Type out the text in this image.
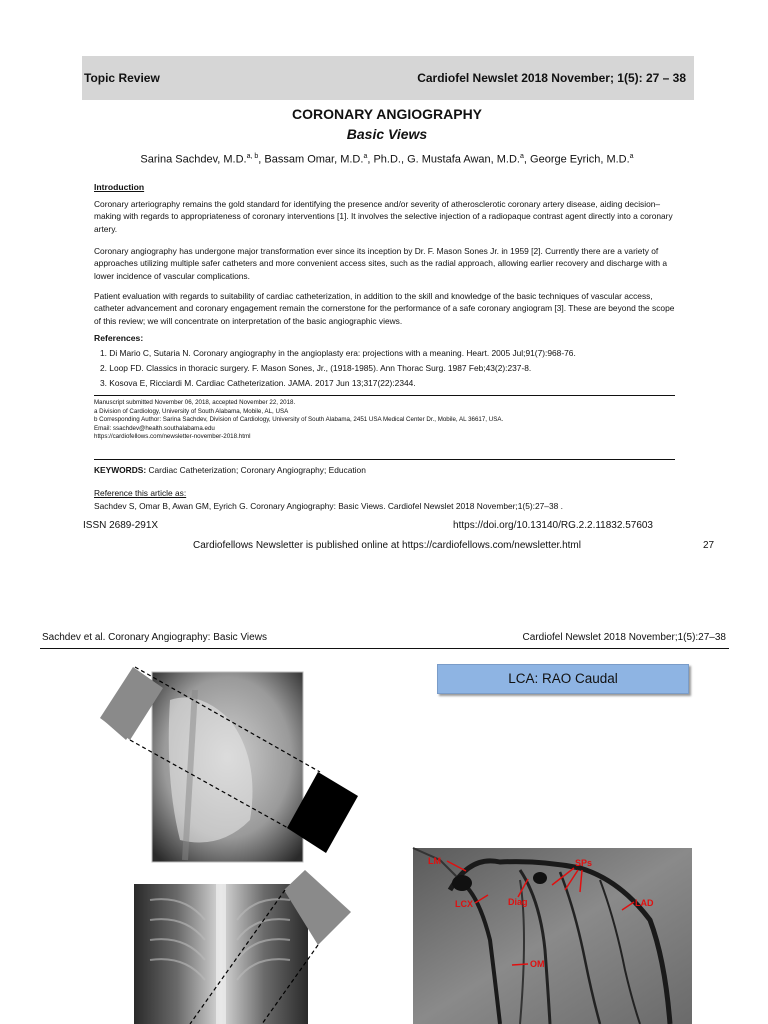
Topic Review	Cardiofel Newslet 2018 November; 1(5): 27 – 38
CORONARY ANGIOGRAPHY
Basic Views
Sarina Sachdev, M.D.$^{a, b}$, Bassam Omar, M.D.$^a$, Ph.D., G. Mustafa Awan, M.D.$^a$, George Eyrich, M.D.$^a$
Introduction
Coronary arteriography remains the gold standard for identifying the presence and/or severity of atherosclerotic coronary artery disease, aiding decision–making with regards to appropriateness of coronary interventions [1]. It involves the selective injection of a radiopaque contrast agent directly into a coronary artery.
Coronary angiography has undergone major transformation ever since its inception by Dr. F. Mason Sones Jr. in 1959 [2]. Currently there are a variety of approaches utilizing multiple safer catheters and more convenient access sites, such as the radial approach, allowing earlier recovery and discharge with a lower incidence of vascular complications.
Patient evaluation with regards to suitability of cardiac catheterization, in addition to the skill and knowledge of the basic techniques of vascular access, catheter advancement and coronary engagement remain the cornerstone for the performance of a safe coronary angiogram [3]. These are beyond the scope of this review; we will concentrate on interpretation of the basic angiographic views.
References:
1. Di Mario C, Sutaria N. Coronary angiography in the angioplasty era: projections with a meaning. Heart. 2005 Jul;91(7):968-76.
2. Loop FD. Classics in thoracic surgery. F. Mason Sones, Jr., (1918-1985). Ann Thorac Surg. 1987 Feb;43(2):237-8.
3. Kosova E, Ricciardi M. Cardiac Catheterization. JAMA. 2017 Jun 13;317(22):2344.
Manuscript submitted November 06, 2018, accepted November 22, 2018.
a Division of Cardiology, University of South Alabama, Mobile, AL, USA
b Corresponding Author: Sarina Sachdev, Division of Cardiology, University of South Alabama, 2451 USA Medical Center Dr., Mobile, AL 36617, USA.
Email: ssachdev@health.southalabama.edu
https://cardiofellows.com/newsletter-november-2018.html
KEYWORDS: Cardiac Catheterization; Coronary Angiography; Education
Reference this article as:
Sachdev S, Omar B, Awan GM, Eyrich G. Coronary Angiography: Basic Views. Cardiofel Newslet 2018 November;1(5):27–38 .
ISSN 2689-291X	https://doi.org/10.13140/RG.2.2.11832.57603
Cardiofellows Newsletter is published online at https://cardiofellows.com/newsletter.html	27
Sachdev et al. Coronary Angiography: Basic Views	Cardiofel Newslet 2018 November;1(5):27–38
LCA: RAO Caudal
LM
LCX	Diag
SPs
LAD
OM
